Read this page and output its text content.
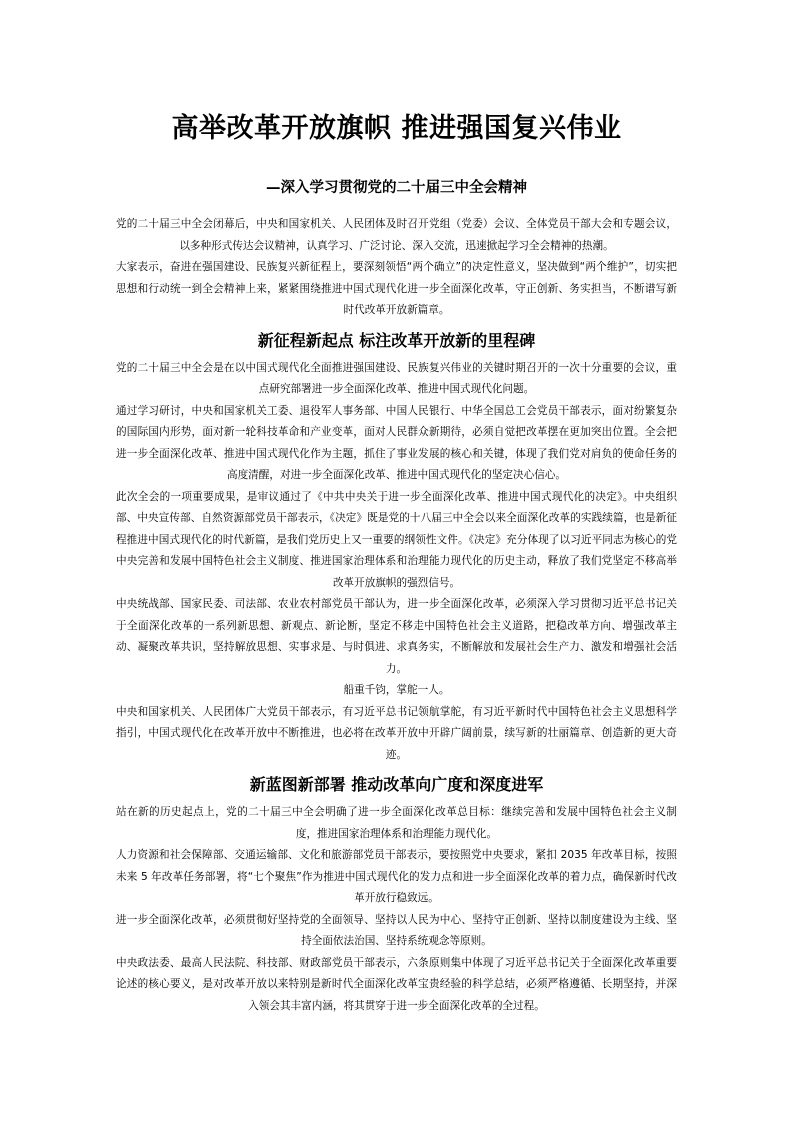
高举改革开放旗帜 推进强国复兴伟业
—深入学习贯彻党的二十届三中全会精神

党的二十届三中全会闭幕后，中央和国家机关、人民团体及时召开党组（党委）会议、全体党员干部大会和专题会议，以多种形式传达会议精神，认真学习、广泛讨论、深入交流，迅速掀起学习全会精神的热潮。

大家表示，奋进在强国建设、民族复兴新征程上，要深刻领悟“两个确立”的决定性意义，坚决做到“两个维护”，切实把思想和行动统一到全会精神上来，紧紧围绕推进中国式现代化进一步全面深化改革，守正创新、务实担当，不断谱写新时代改革开放新篇章。

新征程新起点 标注改革开放新的里程碑

党的二十届三中全会是在以中国式现代化全面推进强国建设、民族复兴伟业的关键时期召开的一次十分重要的会议，重点研究部署进一步全面深化改革、推进中国式现代化问题。

通过学习研讨，中央和国家机关工委、退役军人事务部、中国人民银行、中华全国总工会党员干部表示，面对纷繁复杂的国际国内形势，面对新一轮科技革命和产业变革，面对人民群众新期待，必须自觉把改革摆在更加突出位置。全会把进一步全面深化改革、推进中国式现代化作为主题，抓住了事业发展的核心和关键，体现了我们党对肩负的使命任务的高度清醒，对进一步全面深化改革、推进中国式现代化的坚定决心信心。

此次全会的一项重要成果，是审议通过了《中共中央关于进一步全面深化改革、推进中国式现代化的决定》。中央组织部、中央宣传部、自然资源部党员干部表示，《决定》既是党的十八届三中全会以来全面深化改革的实践续篇，也是新征程推进中国式现代化的时代新篇，是我们党历史上又一重要的纲领性文件。《决定》充分体现了以习近平同志为核心的党中央完善和发展中国特色社会主义制度、推进国家治理体系和治理能力现代化的历史主动，释放了我们党坚定不移高举改革开放旗帜的强烈信号。

中央统战部、国家民委、司法部、农业农村部党员干部认为，进一步全面深化改革，必须深入学习贯彻习近平总书记关于全面深化改革的一系列新思想、新观点、新论断，坚定不移走中国特色社会主义道路，把稳改革方向、增强改革主动、凝聚改革共识，坚持解放思想、实事求是、与时俱进、求真务实，不断解放和发展社会生产力、激发和增强社会活力。

船重千钧，掌舵一人。

中央和国家机关、人民团体广大党员干部表示，有习近平总书记领航掌舵，有习近平新时代中国特色社会主义思想科学指引，中国式现代化在改革开放中不断推进，也必将在改革开放中开辟广阔前景，续写新的壮丽篇章、创造新的更大奇迹。

新蓝图新部署 推动改革向广度和深度进军

站在新的历史起点上，党的二十届三中全会明确了进一步全面深化改革总目标：继续完善和发展中国特色社会主义制度，推进国家治理体系和治理能力现代化。

人力资源和社会保障部、交通运输部、文化和旅游部党员干部表示，要按照党中央要求，紧扣 2035 年改革目标，按照未来 5 年改革任务部署，将“七个聚焦”作为推进中国式现代化的发力点和进一步全面深化改革的着力点，确保新时代改革开放行稳致远。

进一步全面深化改革，必须贯彻好坚持党的全面领导、坚持以人民为中心、坚持守正创新、坚持以制度建设为主线、坚持全面依法治国、坚持系统观念等原则。

中央政法委、最高人民法院、科技部、财政部党员干部表示，六条原则集中体现了习近平总书记关于全面深化改革重要论述的核心要义，是对改革开放以来特别是新时代全面深化改革宝贵经验的科学总结，必须严格遵循、长期坚持，并深入领会其丰富内涵，将其贯穿于进一步全面深化改革的全过程。
